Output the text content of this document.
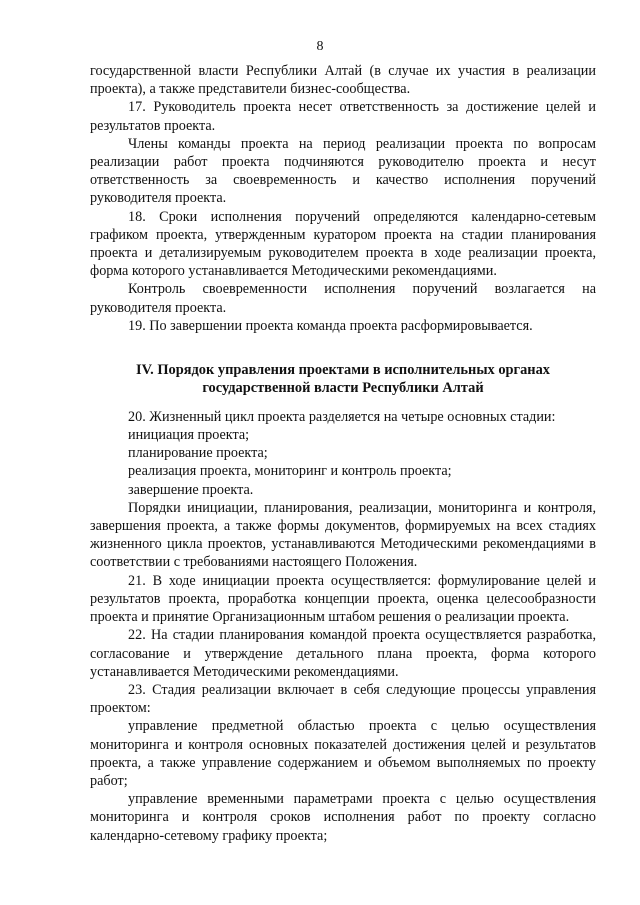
8

государственной власти Республики Алтай (в случае их участия в реализации проекта), а также представители бизнес-сообщества.

17. Руководитель проекта несет ответственность за достижение целей и результатов проекта.

Члены команды проекта на период реализации проекта по вопросам реализации работ проекта подчиняются руководителю проекта и несут ответственность за своевременность и качество исполнения поручений руководителя проекта.

18. Сроки исполнения поручений определяются календарно-сетевым графиком проекта, утвержденным куратором проекта на стадии планирования проекта и детализируемым руководителем проекта в ходе реализации проекта, форма которого устанавливается Методическими рекомендациями.

Контроль своевременности исполнения поручений возлагается на руководителя проекта.

19. По завершении проекта команда проекта расформировывается.

IV. Порядок управления проектами в исполнительных органах
государственной власти Республики Алтай

20. Жизненный цикл проекта разделяется на четыре основных стадии:

инициация проекта;

планирование проекта;

реализация проекта, мониторинг и контроль проекта;

завершение проекта.

Порядки инициации, планирования, реализации, мониторинга и контроля, завершения проекта, а также формы документов, формируемых на всех стадиях жизненного цикла проектов, устанавливаются Методическими рекомендациями в соответствии с требованиями настоящего Положения.

21. В ходе инициации проекта осуществляется: формулирование целей и результатов проекта, проработка концепции проекта, оценка целесообразности проекта и принятие Организационным штабом решения о реализации проекта.

22. На стадии планирования командой проекта осуществляется разработка, согласование и утверждение детального плана проекта, форма которого устанавливается Методическими рекомендациями.

23. Стадия реализации включает в себя следующие процессы управления проектом:

управление предметной областью проекта с целью осуществления мониторинга и контроля основных показателей достижения целей и результатов проекта, а также управление содержанием и объемом выполняемых по проекту работ;

управление временными параметрами проекта с целью осуществления мониторинга и контроля сроков исполнения работ по проекту согласно календарно-сетевому графику проекта;
